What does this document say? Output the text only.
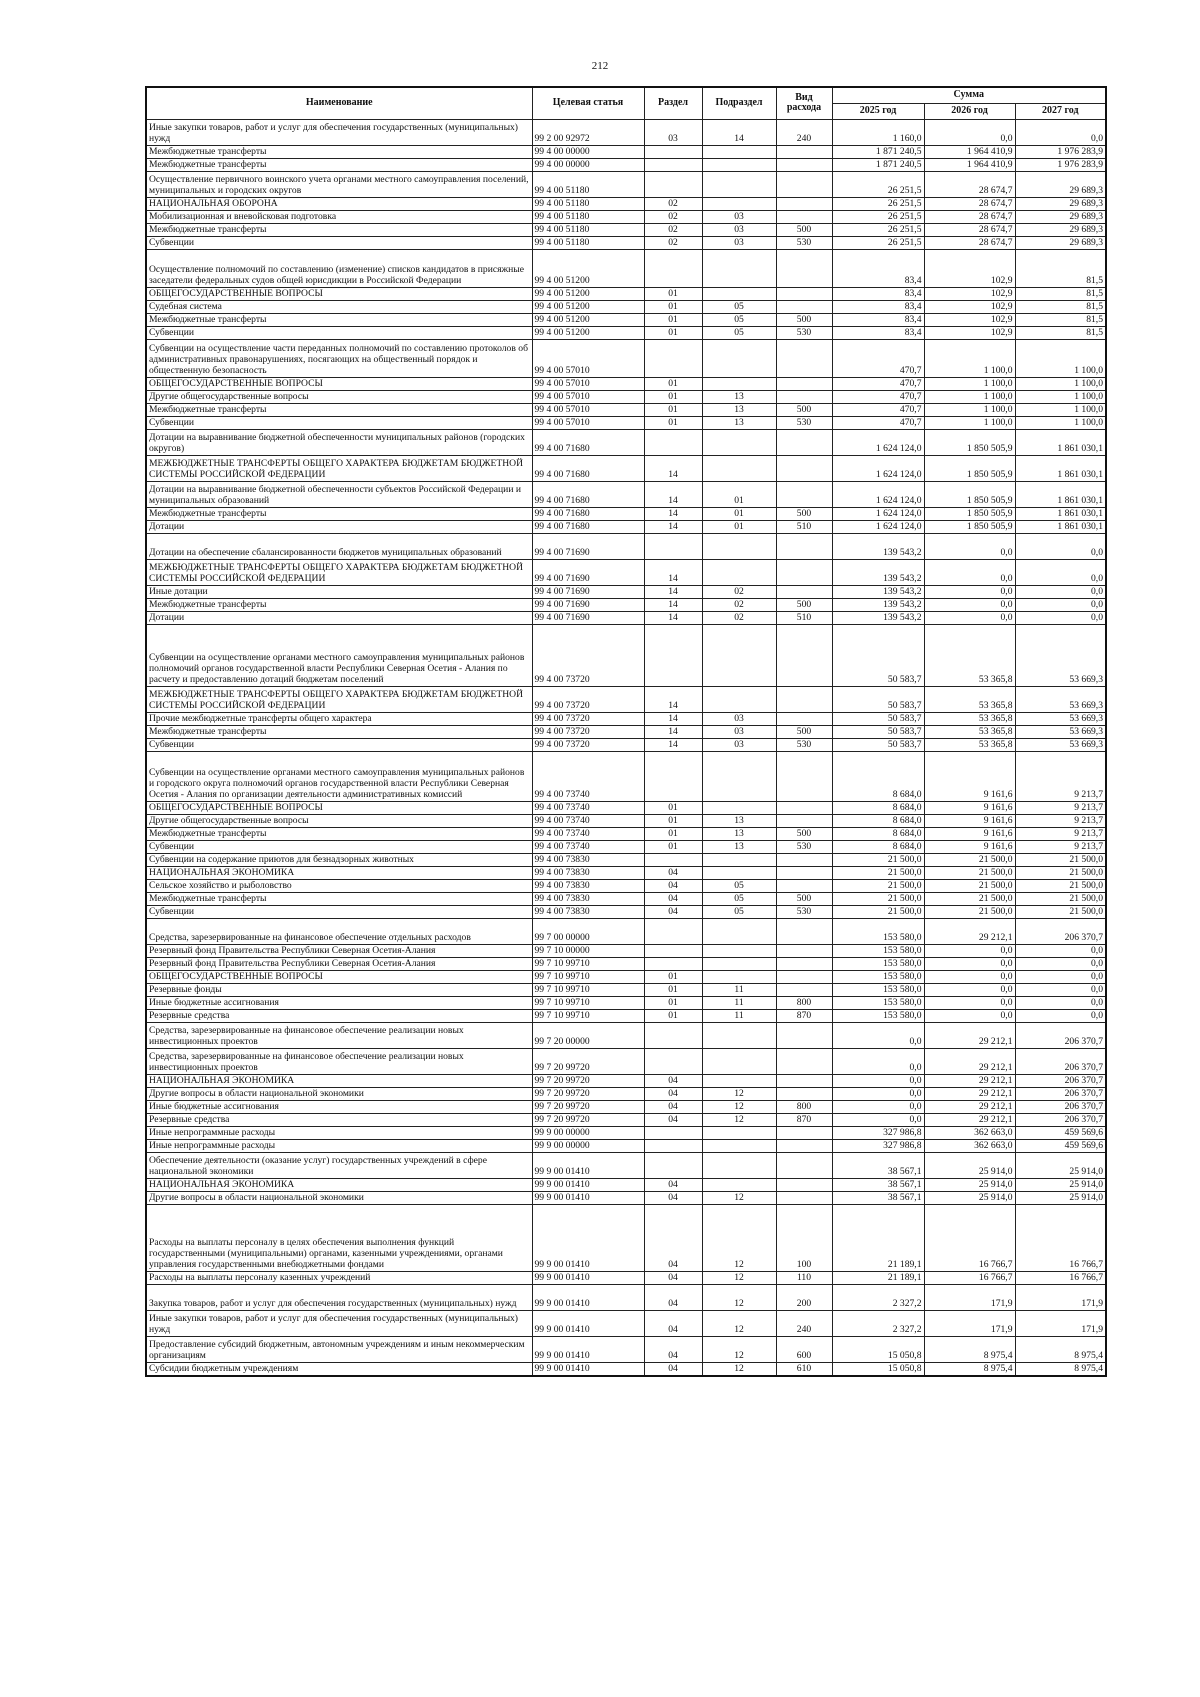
212
Наименование	Целевая статья	Раздел	Подраздел	Вид расхода	Сумма		
					2025 год	2026 год	2027 год
Иные закупки товаров, работ и услуг для обеспечения государственных (муниципальных) нужд	99 2 00 92972	03	14	240	1 160,0	0,0	0,0
Межбюджетные трансферты	99 4 00 00000				1 871 240,5	1 964 410,9	1 976 283,9
Межбюджетные трансферты	99 4 00 00000				1 871 240,5	1 964 410,9	1 976 283,9
Осуществление первичного воинского учета органами местного самоуправления поселений, муниципальных и городских округов	99 4 00 51180				26 251,5	28 674,7	29 689,3
НАЦИОНАЛЬНАЯ ОБОРОНА	99 4 00 51180	02			26 251,5	28 674,7	29 689,3
Мобилизационная и вневойсковая подготовка	99 4 00 51180	02	03		26 251,5	28 674,7	29 689,3
Межбюджетные трансферты	99 4 00 51180	02	03	500	26 251,5	28 674,7	29 689,3
Субвенции	99 4 00 51180	02	03	530	26 251,5	28 674,7	29 689,3
Осуществление полномочий по составлению (изменение) списков кандидатов в присяжные заседатели федеральных судов общей юрисдикции в Российской Федерации	99 4 00 51200				83,4	102,9	81,5
ОБЩЕГОСУДАРСТВЕННЫЕ ВОПРОСЫ	99 4 00 51200	01			83,4	102,9	81,5
Судебная система	99 4 00 51200	01	05		83,4	102,9	81,5
Межбюджетные трансферты	99 4 00 51200	01	05	500	83,4	102,9	81,5
Субвенции	99 4 00 51200	01	05	530	83,4	102,9	81,5
Субвенции на осуществление части переданных полномочий по составлению протоколов об административных правонарушениях, посягающих на общественный порядок и общественную безопасность	99 4 00 57010				470,7	1 100,0	1 100,0
ОБЩЕГОСУДАРСТВЕННЫЕ ВОПРОСЫ	99 4 00 57010	01			470,7	1 100,0	1 100,0
Другие общегосударственные вопросы	99 4 00 57010	01	13		470,7	1 100,0	1 100,0
Межбюджетные трансферты	99 4 00 57010	01	13	500	470,7	1 100,0	1 100,0
Субвенции	99 4 00 57010	01	13	530	470,7	1 100,0	1 100,0
Дотации на выравнивание бюджетной обеспеченности муниципальных районов (городских округов)	99 4 00 71680				1 624 124,0	1 850 505,9	1 861 030,1
МЕЖБЮДЖЕТНЫЕ ТРАНСФЕРТЫ ОБЩЕГО ХАРАКТЕРА БЮДЖЕТАМ БЮДЖЕТНОЙ СИСТЕМЫ РОССИЙСКОЙ ФЕДЕРАЦИИ	99 4 00 71680	14			1 624 124,0	1 850 505,9	1 861 030,1
Дотации на выравнивание бюджетной обеспеченности субъектов Российской Федерации и муниципальных образований	99 4 00 71680	14	01		1 624 124,0	1 850 505,9	1 861 030,1
Межбюджетные трансферты	99 4 00 71680	14	01	500	1 624 124,0	1 850 505,9	1 861 030,1
Дотации	99 4 00 71680	14	01	510	1 624 124,0	1 850 505,9	1 861 030,1
Дотации на обеспечение сбалансированности бюджетов муниципальных образований	99 4 00 71690				139 543,2	0,0	0,0
МЕЖБЮДЖЕТНЫЕ ТРАНСФЕРТЫ ОБЩЕГО ХАРАКТЕРА БЮДЖЕТАМ БЮДЖЕТНОЙ СИСТЕМЫ РОССИЙСКОЙ ФЕДЕРАЦИИ	99 4 00 71690	14			139 543,2	0,0	0,0
Иные дотации	99 4 00 71690	14	02		139 543,2	0,0	0,0
Межбюджетные трансферты	99 4 00 71690	14	02	500	139 543,2	0,0	0,0
Дотации	99 4 00 71690	14	02	510	139 543,2	0,0	0,0
Субвенции на осуществление органами местного самоуправления муниципальных районов полномочий органов государственной власти Республики Северная Осетия - Алания по расчету и предоставлению дотаций бюджетам поселений	99 4 00 73720				50 583,7	53 365,8	53 669,3
МЕЖБЮДЖЕТНЫЕ ТРАНСФЕРТЫ ОБЩЕГО ХАРАКТЕРА БЮДЖЕТАМ БЮДЖЕТНОЙ СИСТЕМЫ РОССИЙСКОЙ ФЕДЕРАЦИИ	99 4 00 73720	14			50 583,7	53 365,8	53 669,3
Прочие межбюджетные трансферты общего характера	99 4 00 73720	14	03		50 583,7	53 365,8	53 669,3
Межбюджетные трансферты	99 4 00 73720	14	03	500	50 583,7	53 365,8	53 669,3
Субвенции	99 4 00 73720	14	03	530	50 583,7	53 365,8	53 669,3
Субвенции на осуществление органами местного самоуправления муниципальных районов и городского округа полномочий органов государственной власти Республики Северная Осетия - Алания по организации деятельности административных комиссий	99 4 00 73740				8 684,0	9 161,6	9 213,7
ОБЩЕГОСУДАРСТВЕННЫЕ ВОПРОСЫ	99 4 00 73740	01			8 684,0	9 161,6	9 213,7
Другие общегосударственные вопросы	99 4 00 73740	01	13		8 684,0	9 161,6	9 213,7
Межбюджетные трансферты	99 4 00 73740	01	13	500	8 684,0	9 161,6	9 213,7
Субвенции	99 4 00 73740	01	13	530	8 684,0	9 161,6	9 213,7
Субвенции на содержание приютов для безнадзорных животных	99 4 00 73830				21 500,0	21 500,0	21 500,0
НАЦИОНАЛЬНАЯ ЭКОНОМИКА	99 4 00 73830	04			21 500,0	21 500,0	21 500,0
Сельское хозяйство и рыболовство	99 4 00 73830	04	05		21 500,0	21 500,0	21 500,0
Межбюджетные трансферты	99 4 00 73830	04	05	500	21 500,0	21 500,0	21 500,0
Субвенции	99 4 00 73830	04	05	530	21 500,0	21 500,0	21 500,0
Средства, зарезервированные на финансовое обеспечение отдельных расходов	99 7 00 00000				153 580,0	29 212,1	206 370,7
Резервный фонд Правительства Республики Северная Осетия-Алания	99 7 10 00000				153 580,0	0,0	0,0
Резервный фонд Правительства Республики Северная Осетия-Алания	99 7 10 99710				153 580,0	0,0	0,0
ОБЩЕГОСУДАРСТВЕННЫЕ ВОПРОСЫ	99 7 10 99710	01			153 580,0	0,0	0,0
Резервные фонды	99 7 10 99710	01	11		153 580,0	0,0	0,0
Иные бюджетные ассигнования	99 7 10 99710	01	11	800	153 580,0	0,0	0,0
Резервные средства	99 7 10 99710	01	11	870	153 580,0	0,0	0,0
Средства, зарезервированные на финансовое обеспечение реализации новых инвестиционных проектов	99 7 20 00000				0,0	29 212,1	206 370,7
Средства, зарезервированные на финансовое обеспечение реализации новых инвестиционных проектов	99 7 20 99720				0,0	29 212,1	206 370,7
НАЦИОНАЛЬНАЯ ЭКОНОМИКА	99 7 20 99720	04			0,0	29 212,1	206 370,7
Другие вопросы в области национальной экономики	99 7 20 99720	04	12		0,0	29 212,1	206 370,7
Иные бюджетные ассигнования	99 7 20 99720	04	12	800	0,0	29 212,1	206 370,7
Резервные средства	99 7 20 99720	04	12	870	0,0	29 212,1	206 370,7
Иные непрограммные расходы	99 9 00 00000				327 986,8	362 663,0	459 569,6
Иные непрограммные расходы	99 9 00 00000				327 986,8	362 663,0	459 569,6
Обеспечение деятельности (оказание услуг) государственных учреждений в сфере национальной экономики	99 9 00 01410				38 567,1	25 914,0	25 914,0
НАЦИОНАЛЬНАЯ ЭКОНОМИКА	99 9 00 01410	04			38 567,1	25 914,0	25 914,0
Другие вопросы в области национальной экономики	99 9 00 01410	04	12		38 567,1	25 914,0	25 914,0
Расходы на выплаты персоналу в целях обеспечения выполнения функций государственными (муниципальными) органами, казенными учреждениями, органами управления государственными внебюджетными фондами	99 9 00 01410	04	12	100	21 189,1	16 766,7	16 766,7
Расходы на выплаты персоналу казенных учреждений	99 9 00 01410	04	12	110	21 189,1	16 766,7	16 766,7
Закупка товаров, работ и услуг для обеспечения государственных (муниципальных) нужд	99 9 00 01410	04	12	200	2 327,2	171,9	171,9
Иные закупки товаров, работ и услуг для обеспечения государственных (муниципальных) нужд	99 9 00 01410	04	12	240	2 327,2	171,9	171,9
Предоставление субсидий бюджетным, автономным учреждениям и иным некоммерческим организациям	99 9 00 01410	04	12	600	15 050,8	8 975,4	8 975,4
Субсидии бюджетным учреждениям	99 9 00 01410	04	12	610	15 050,8	8 975,4	8 975,4
